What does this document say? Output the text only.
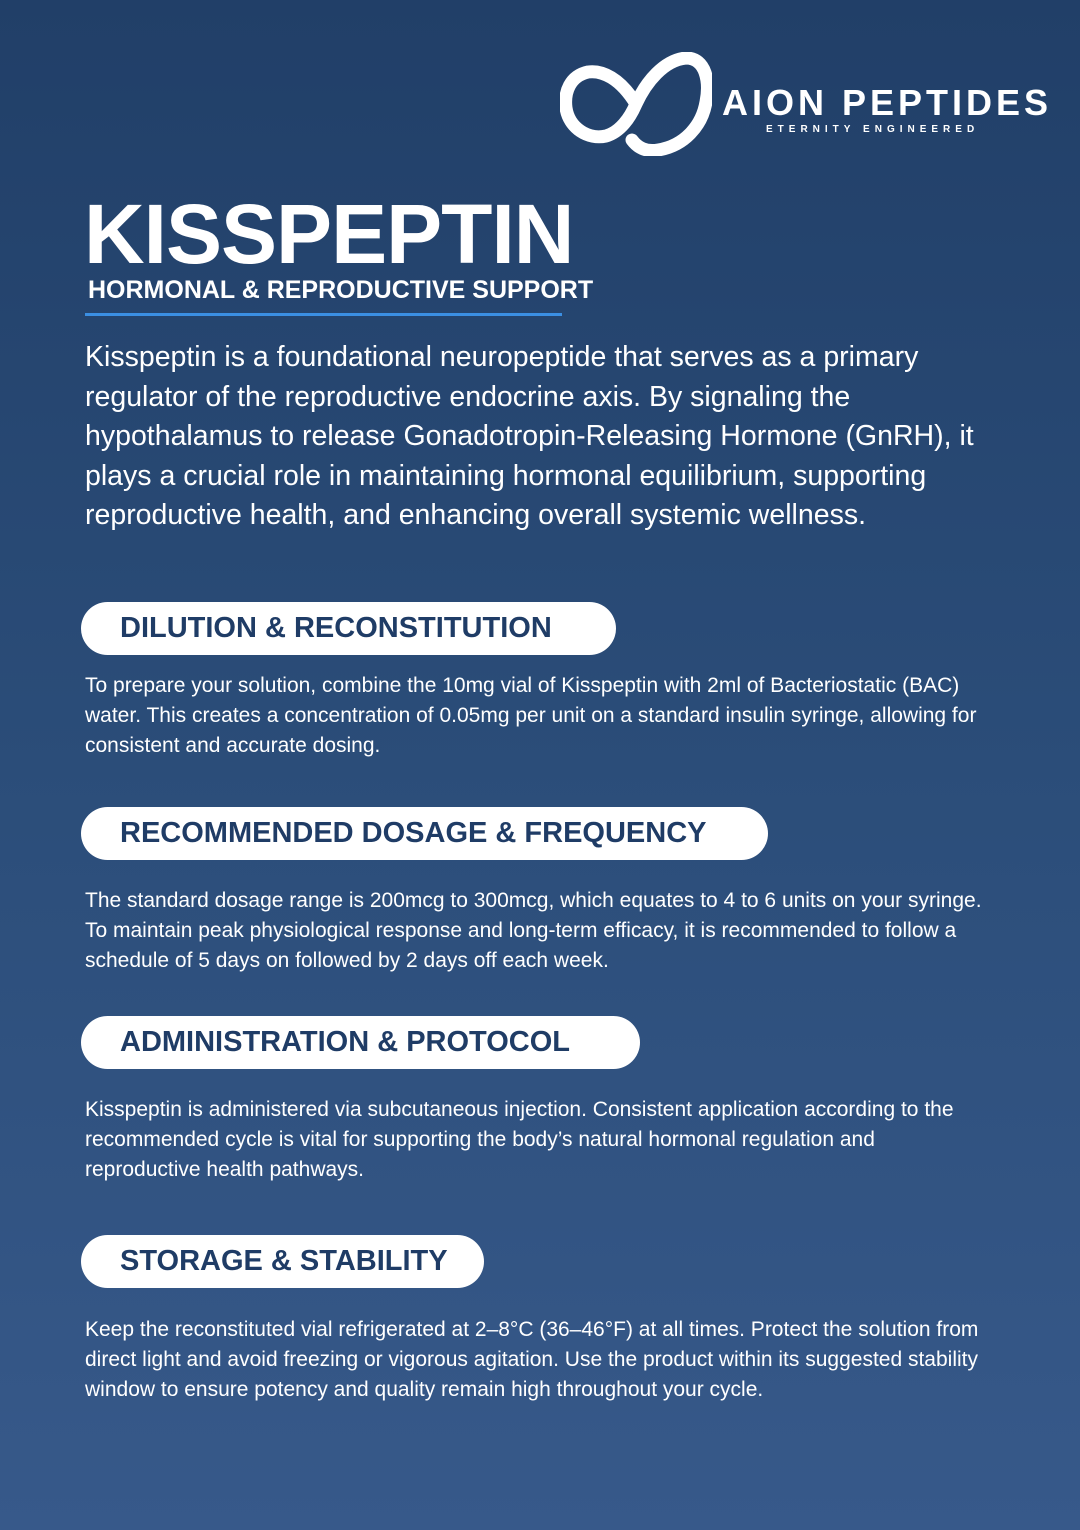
AION PEPTIDES
ETERNITY ENGINEERED
KISSPEPTIN
HORMONAL & REPRODUCTIVE SUPPORT

Kisspeptin is a foundational neuropeptide that serves as a primary regulator of the reproductive endocrine axis. By signaling the hypothalamus to release Gonadotropin-Releasing Hormone (GnRH), it plays a crucial role in maintaining hormonal equilibrium, supporting reproductive health, and enhancing overall systemic wellness.

DILUTION & RECONSTITUTION

To prepare your solution, combine the 10mg vial of Kisspeptin with 2ml of Bacteriostatic (BAC) water. This creates a concentration of 0.05mg per unit on a standard insulin syringe, allowing for consistent and accurate dosing.

RECOMMENDED DOSAGE & FREQUENCY

The standard dosage range is 200mcg to 300mcg, which equates to 4 to 6 units on your syringe. To maintain peak physiological response and long-term efficacy, it is recommended to follow a schedule of 5 days on followed by 2 days off each week.

ADMINISTRATION & PROTOCOL

Kisspeptin is administered via subcutaneous injection. Consistent application according to the recommended cycle is vital for supporting the body’s natural hormonal regulation and reproductive health pathways.

STORAGE & STABILITY

Keep the reconstituted vial refrigerated at 2–8°C (36–46°F) at all times. Protect the solution from direct light and avoid freezing or vigorous agitation. Use the product within its suggested stability window to ensure potency and quality remain high throughout your cycle.
